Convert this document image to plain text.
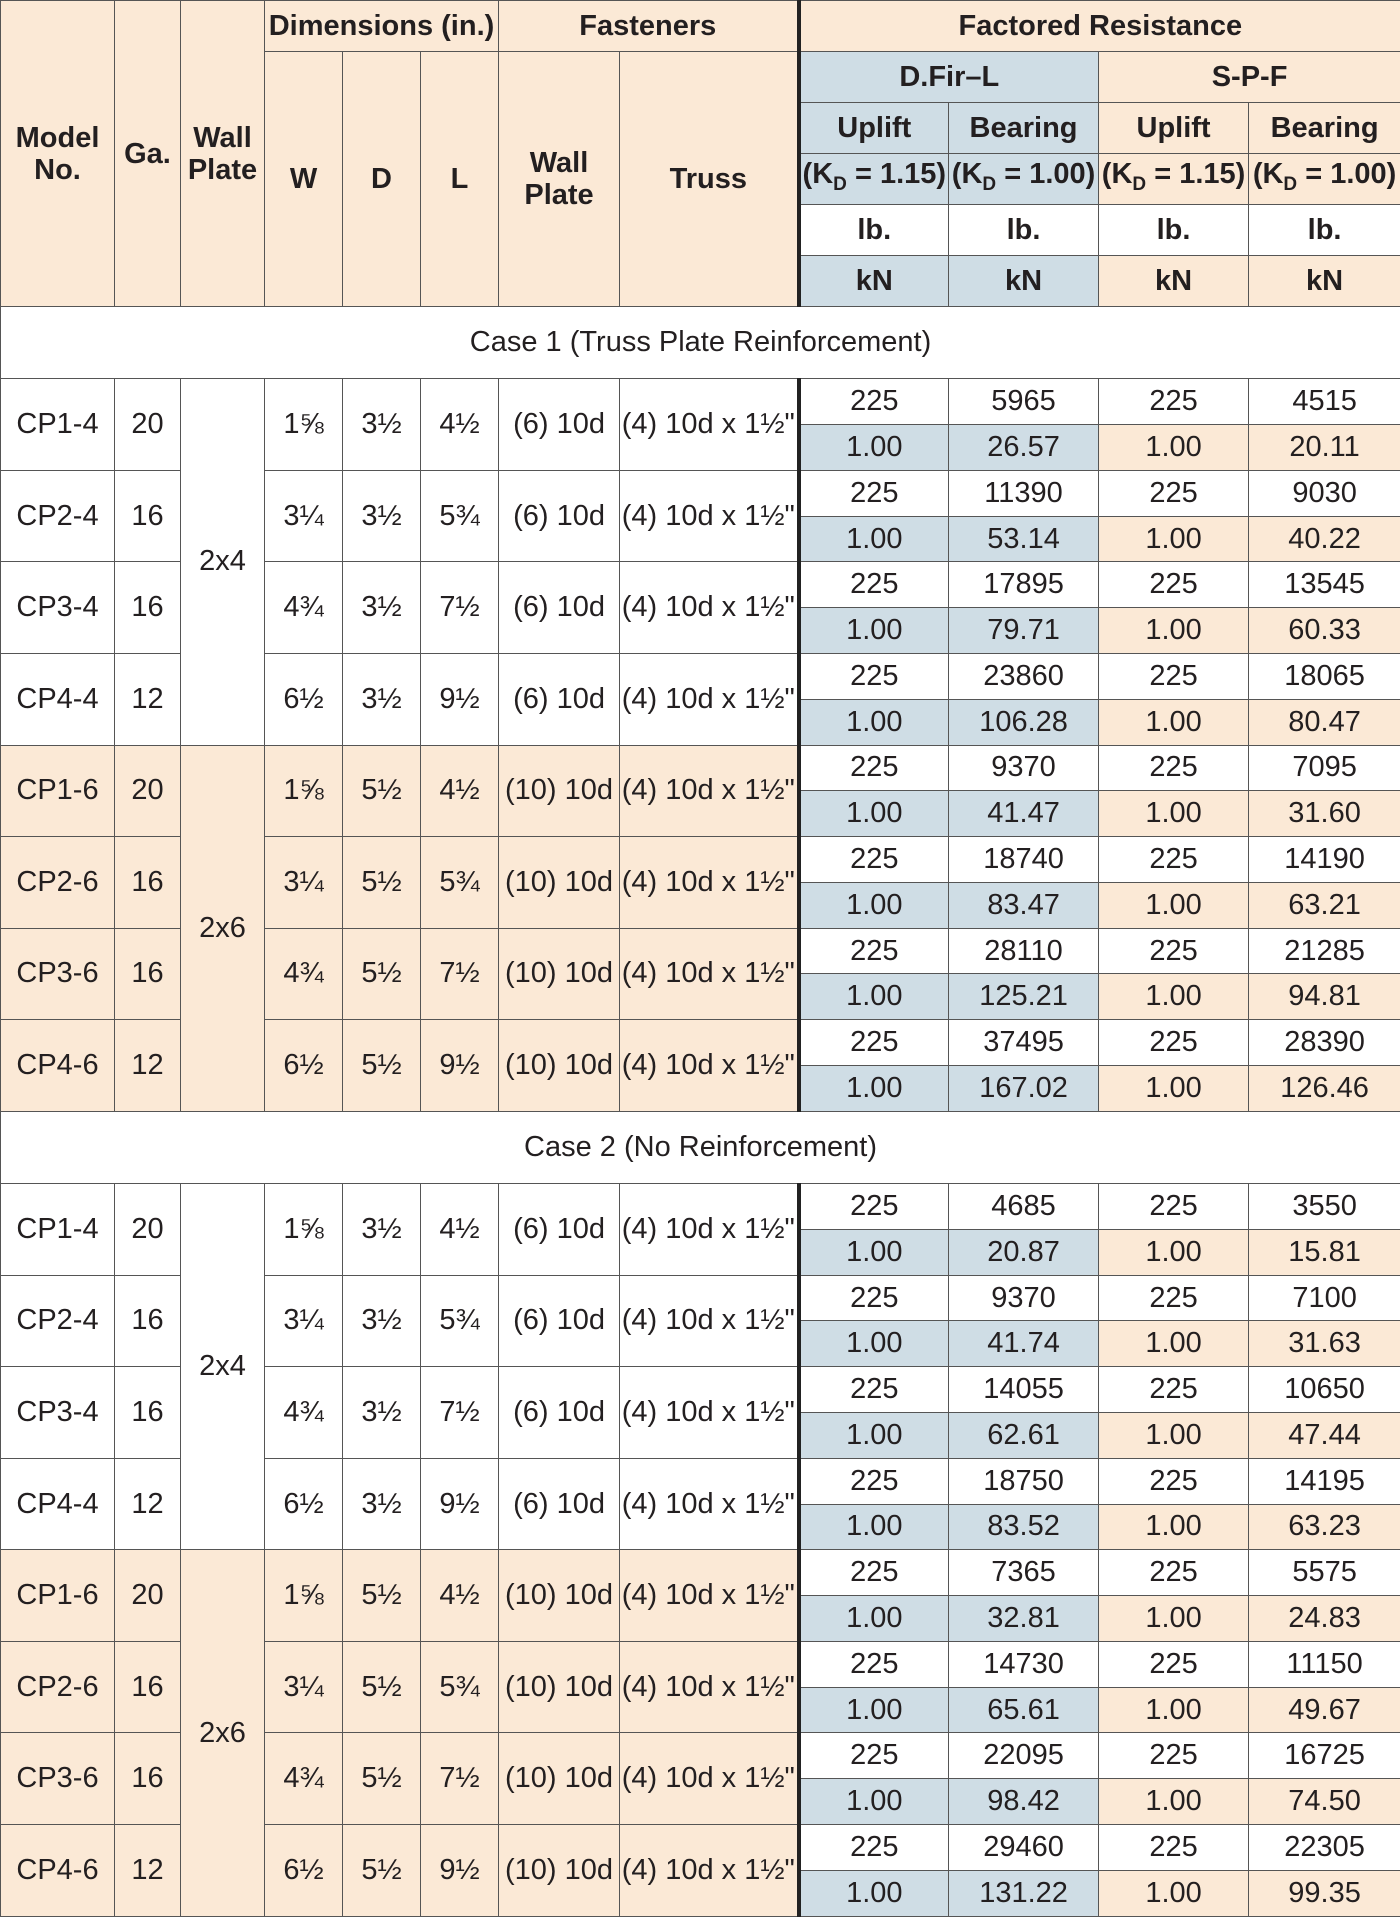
Model No.	Ga.	Wall Plate	Dimensions (in.)			Fasteners		Factored Resistance			
			W	D	L	Wall Plate	Truss	D.Fir–L		S-P-F	
								Uplift	Bearing	Uplift	Bearing
								$(K_D = 1.15)$	$(K_D = 1.00)$	$(K_D = 1.15)$	$(K_D = 1.00)$
								lb.	lb.	lb.	lb.
								kN	kN	kN	kN
Case 1 (Truss Plate Reinforcement)											
CP1-4	20	2x4	1⅝	3½	4½	(6) 10d	(4) 10d x 1½"	225	5965	225	4515
								1.00	26.57	1.00	20.11
CP2-4	16		3¼	3½	5¾	(6) 10d	(4) 10d x 1½"	225	11390	225	9030
								1.00	53.14	1.00	40.22
CP3-4	16		4¾	3½	7½	(6) 10d	(4) 10d x 1½"	225	17895	225	13545
								1.00	79.71	1.00	60.33
CP4-4	12		6½	3½	9½	(6) 10d	(4) 10d x 1½"	225	23860	225	18065
								1.00	106.28	1.00	80.47
CP1-6	20	2x6	1⅝	5½	4½	(10) 10d	(4) 10d x 1½"	225	9370	225	7095
								1.00	41.47	1.00	31.60
CP2-6	16		3¼	5½	5¾	(10) 10d	(4) 10d x 1½"	225	18740	225	14190
								1.00	83.47	1.00	63.21
CP3-6	16		4¾	5½	7½	(10) 10d	(4) 10d x 1½"	225	28110	225	21285
								1.00	125.21	1.00	94.81
CP4-6	12		6½	5½	9½	(10) 10d	(4) 10d x 1½"	225	37495	225	28390
								1.00	167.02	1.00	126.46
Case 2 (No Reinforcement)											
CP1-4	20	2x4	1⅝	3½	4½	(6) 10d	(4) 10d x 1½"	225	4685	225	3550
								1.00	20.87	1.00	15.81
CP2-4	16		3¼	3½	5¾	(6) 10d	(4) 10d x 1½"	225	9370	225	7100
								1.00	41.74	1.00	31.63
CP3-4	16		4¾	3½	7½	(6) 10d	(4) 10d x 1½"	225	14055	225	10650
								1.00	62.61	1.00	47.44
CP4-4	12		6½	3½	9½	(6) 10d	(4) 10d x 1½"	225	18750	225	14195
								1.00	83.52	1.00	63.23
CP1-6	20	2x6	1⅝	5½	4½	(10) 10d	(4) 10d x 1½"	225	7365	225	5575
								1.00	32.81	1.00	24.83
CP2-6	16		3¼	5½	5¾	(10) 10d	(4) 10d x 1½"	225	14730	225	11150
								1.00	65.61	1.00	49.67
CP3-6	16		4¾	5½	7½	(10) 10d	(4) 10d x 1½"	225	22095	225	16725
								1.00	98.42	1.00	74.50
CP4-6	12		6½	5½	9½	(10) 10d	(4) 10d x 1½"	225	29460	225	22305
								1.00	131.22	1.00	99.35
